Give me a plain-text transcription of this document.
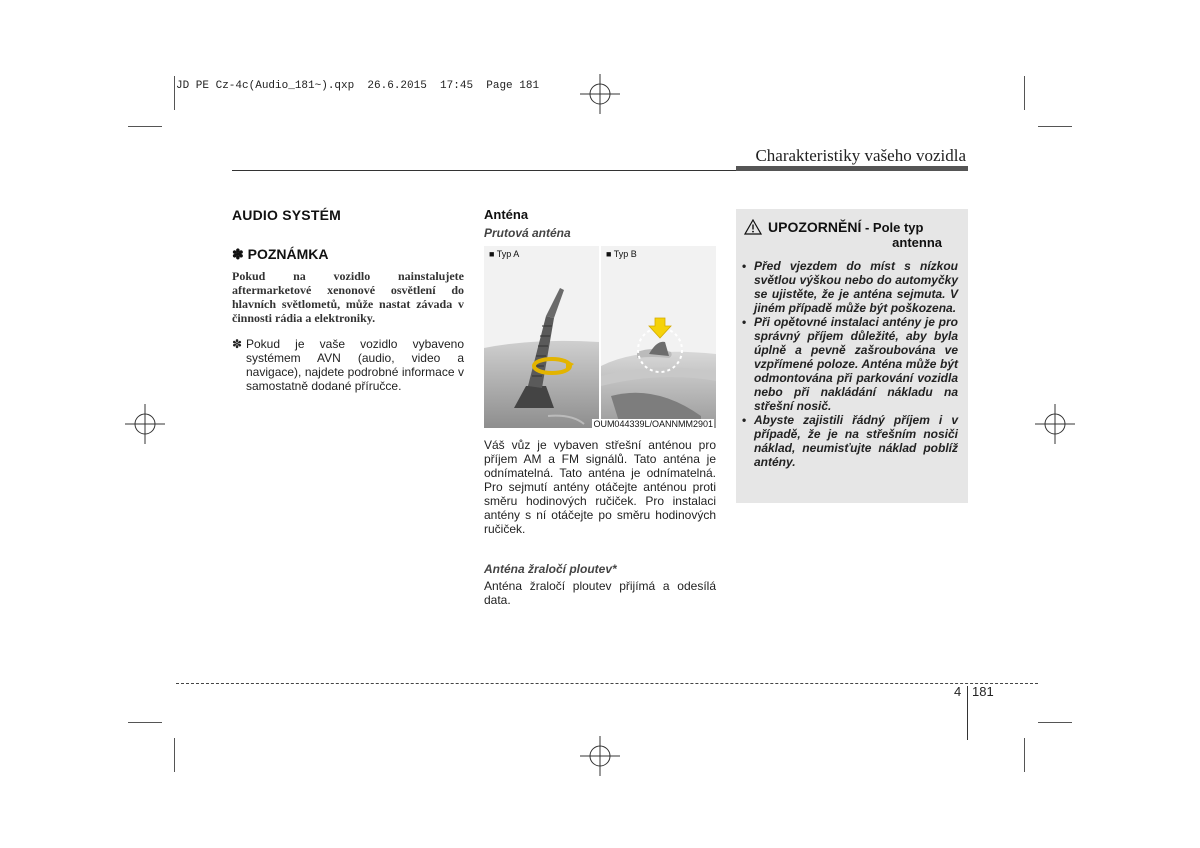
JD PE Cz-4c(Audio_181~).qxp  26.6.2015  17:45  Page 181
Charakteristiky vašeho vozidla
AUDIO SYSTÉM
✽ POZNÁMKA
Pokud na vozidlo nainstalujete aftermarketové xenonové osvětlení do hlavních světlometů, může nastat závada v činnosti rádia a elektroniky.
✽ Pokud je vaše vozidlo vybaveno systémem AVN (audio, video a navigace), najdete podrobné informace v samostatně dodané příručce.
Anténa
Prutová anténa
■ Typ A	■ Typ B
OUM044339L/OANNMM2901
Váš vůz je vybaven střešní anténou pro příjem AM a FM signálů. Tato anténa je odnímatelná. Tato anténa je odnímatelná. Pro sejmutí antény otáčejte anténou proti směru hodinových ručiček. Pro instalaci antény s ní otáčejte po směru hodinových ručiček.
Anténa žraločí ploutev*
Anténa žraločí ploutev přijímá a odesílá data.
UPOZORNĚNÍ - Pole typ
antenna
• Před vjezdem do míst s nízkou světlou výškou nebo do automyčky se ujistěte, že je anténa sejmuta. V jiném případě může být poškozena.
• Při opětovné instalaci antény je pro správný příjem důležité, aby byla úplně a pevně zašroubována ve vzpřímené poloze. Anténa může být odmontována při parkování vozidla nebo při nakládání nákladu na střešní nosič.
• Abyste zajistili řádný příjem i v případě, že je na střešním nosiči náklad, neumisťujte náklad poblíž antény.
4 181
